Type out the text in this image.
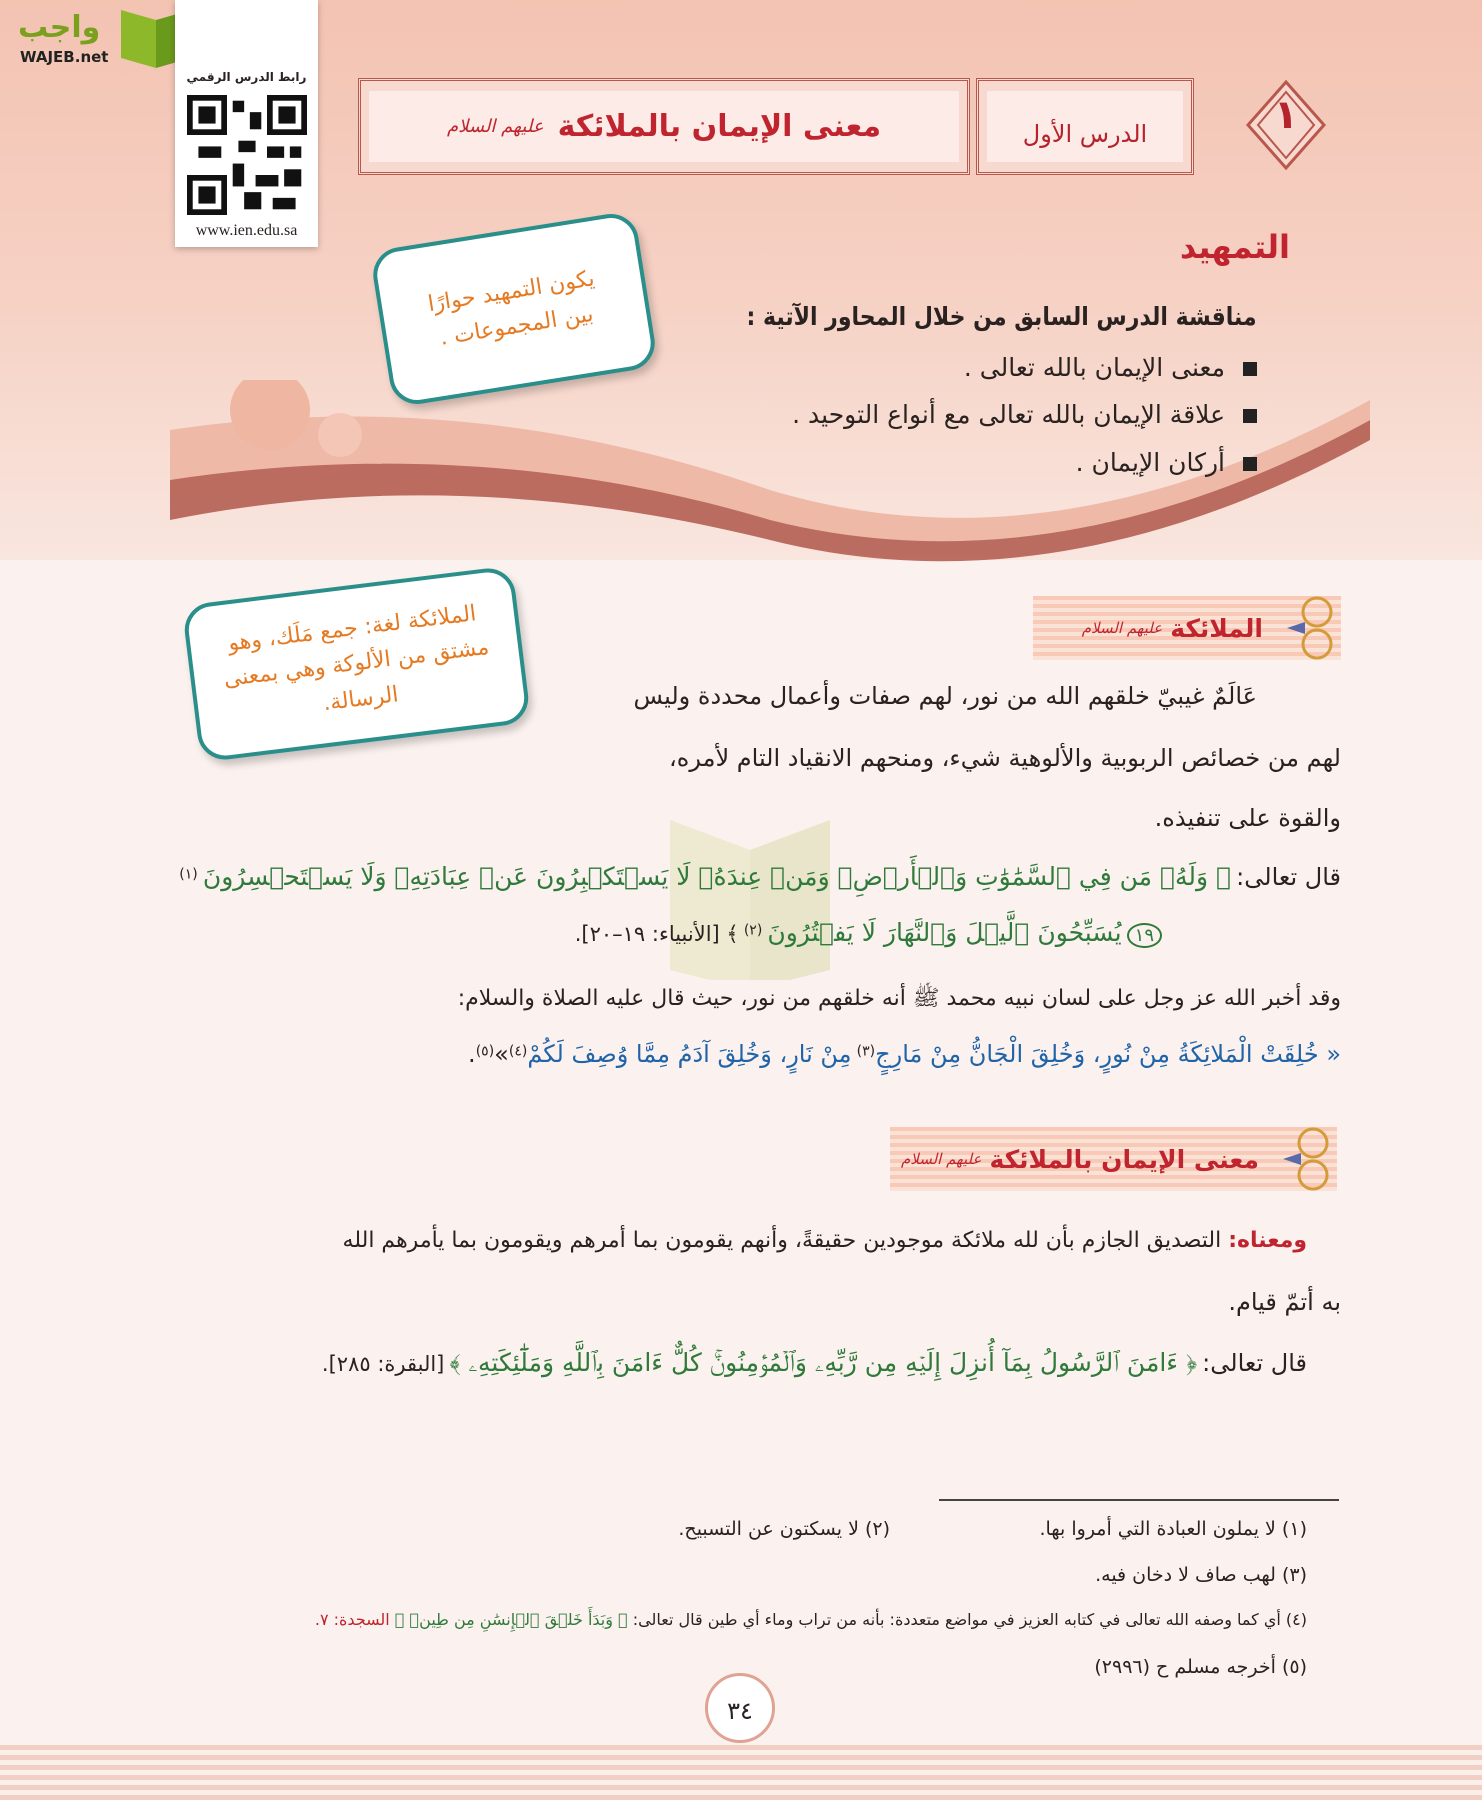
واجب
WAJEB.net
رابط الدرس الرقمي
www.ien.edu.sa
معنى الإيمان بالملائكة
عليهم السلام	الدرس الأول	١
التمهيد
مناقشة الدرس السابق من خلال المحاور الآتية :
معنى الإيمان بالله تعالى .
علاقة الإيمان بالله تعالى مع أنواع التوحيد .
أركان الإيمان .
يكون التمهيد حوارًا بين المجموعات .
الملائكة
عليهم السلام
الملائكة لغة: جمع مَلَك، وهو مشتق من الألوكة وهي بمعنى الرسالة.	عَالَمٌ غيبيّ خلقهم الله من نور، لهم صفات وأعمال محددة وليس
لهم من خصائص الربوبية والألوهية شيء، ومنحهم الانقياد التام لأمره،
والقوة على تنفيذه.
قال تعالى: ﴿ وَلَهُۥ مَن فِي ٱلسَّمَٰوَٰتِ وَٱلۡأَرۡضِۚ وَمَنۡ عِندَهُۥ لَا يَسۡتَكۡبِرُونَ عَنۡ عِبَادَتِهِۦ وَلَا يَسۡتَحۡسِرُونَ (١)
١٩ يُسَبِّحُونَ ٱلَّيۡلَ وَٱلنَّهَارَ لَا يَفۡتُرُونَ (٢) ﴾ [الأنبياء: ١٩–٢٠].
وقد أخبر الله عز وجل على لسان نبيه محمد ﷺ أنه خلقهم من نور، حيث قال عليه الصلاة والسلام:
« خُلِقَتْ الْمَلائِكَةُ مِنْ نُورٍ، وَخُلِقَ الْجَانُّ مِنْ مَارِجٍ(٣) مِنْ نَارٍ، وَخُلِقَ آدَمُ مِمَّا وُصِفَ لَكُمْ(٤)»(٥).
معنى الإيمان بالملائكة
عليهم السلام
ومعناه: التصديق الجازم بأن لله ملائكة موجودين حقيقةً، وأنهم يقومون بما أمرهم ويقومون بما يأمرهم الله
به أتمّ قيام.
قال تعالى: ﴿ ءَامَنَ ٱلرَّسُولُ بِمَآ أُنزِلَ إِلَيۡهِ مِن رَّبِّهِۦ وَٱلۡمُؤۡمِنُونَۚ كُلٌّ ءَامَنَ بِٱللَّهِ وَمَلَٰٓئِكَتِهِۦ ﴾ [البقرة: ٢٨٥].
(١) لا يملون العبادة التي أمروا بها.
(٢) لا يسكتون عن التسبيح.
(٣) لهب صاف لا دخان فيه.
(٤) أي كما وصفه الله تعالى في كتابه العزيز في مواضع متعددة: بأنه من تراب وماء أي طين قال تعالى: ﴿ وَبَدَأَ خَلۡقَ ٱلۡإِنسَٰنِ مِن طِينٖ ﴾ السجدة: ٧.
(٥) أخرجه مسلم ح (٢٩٩٦)
٣٤
